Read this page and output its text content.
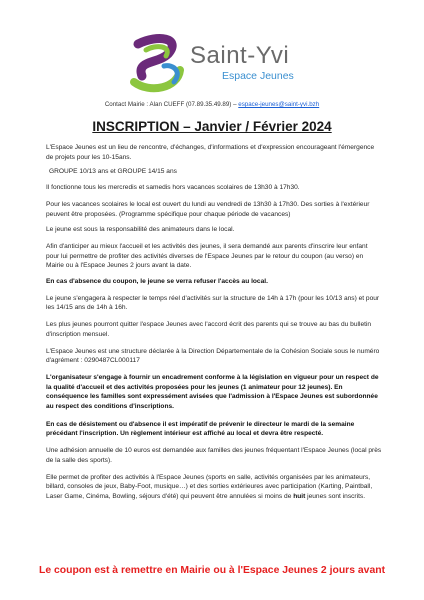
Saint-Yvi
Espace Jeunes
Contact Mairie : Alan CUEFF (07.89.35.49.89) – espace-jeunes@saint-yvi.bzh
INSCRIPTION – Janvier / Février 2024

L'Espace Jeunes est un lieu de rencontre, d'échanges, d'informations et d'expression encourageant l'émergence de projets pour les 10-15ans.

GROUPE 10/13 ans et GROUPE 14/15 ans

Il fonctionne tous les mercredis et samedis hors vacances scolaires de 13h30 à 17h30.

Pour les vacances scolaires le local est ouvert du lundi au vendredi de 13h30 à 17h30. Des sorties à l'extérieur peuvent être proposées. (Programme spécifique pour chaque période de vacances)

Le jeune est sous la responsabilité des animateurs dans le local.

Afin d'anticiper au mieux l'accueil et les activités des jeunes, il sera demandé aux parents d'inscrire leur enfant pour lui permettre de profiter des activités diverses de l'Espace Jeunes par le retour du coupon (au verso) en Mairie ou à l'Espace Jeunes 2 jours avant la date.

En cas d'absence du coupon, le jeune se verra refuser l'accès au local.

Le jeune s'engagera à respecter le temps réel d'activités sur la structure de 14h à 17h (pour les 10/13 ans) et pour les 14/15 ans de 14h à 16h.

Les plus jeunes pourront quitter l'espace Jeunes avec l'accord écrit des parents qui se trouve au bas du bulletin d'inscription mensuel.

L'Espace Jeunes est une structure déclarée à la Direction Départementale de la Cohésion Sociale sous le numéro d'agrément : 0290487CL000117

L'organisateur s'engage à fournir un encadrement conforme à la législation en vigueur pour un respect de la qualité d'accueil et des activités proposées pour les jeunes (1 animateur pour 12 jeunes). En conséquence les familles sont expressément avisées que l'admission à l'Espace Jeunes est subordonnée au respect des conditions d'inscriptions.

En cas de désistement ou d'absence il est impératif de prévenir le directeur le mardi de la semaine précédant l'inscription. Un règlement intérieur est affiché au local et devra être respecté.

Une adhésion annuelle de 10 euros est demandée aux familles des jeunes fréquentant l'Espace Jeunes (local près de la salle des sports).

Elle permet de profiter des activités à l'Espace Jeunes (sports en salle, activités organisées par les animateurs, billard, consoles de jeux, Baby-Foot, musique…) et des sorties extérieures avec participation (Karting, Paintball, Laser Game, Cinéma, Bowling, séjours d'été) qui peuvent être annulées si moins de huit jeunes sont inscrits.

Le coupon est à remettre en Mairie ou à l'Espace Jeunes 2 jours avant
